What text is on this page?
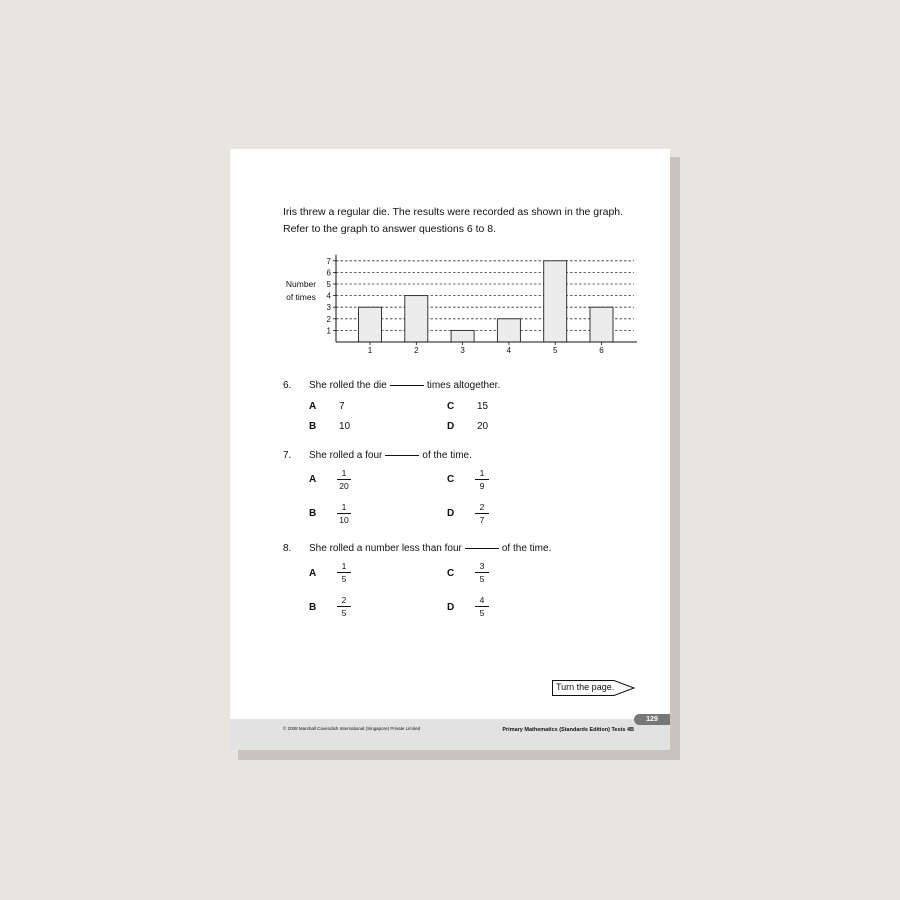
Iris threw a regular die. The results were recorded as shown in the graph.

Refer to the graph to answer questions 6 to 8.

Number
of times
1
2
3
4
5
6
7
1	2	3	4	5	6
6.	She rolled the die	times altogether.
A 7
B 10
C 15
D 20
7.	She rolled a four	of the time.
A
1
20
B
1
10
C
1
9
D
2
7
8.	She rolled a number less than four	of the time.
A
1
5
B
2
5
C
3
5
D
4
5
Turn the page.
© 2008 Marshall Cavendish International (Singapore) Private Limited	Primary Mathematics (Standards Edition) Tests 4B
129
